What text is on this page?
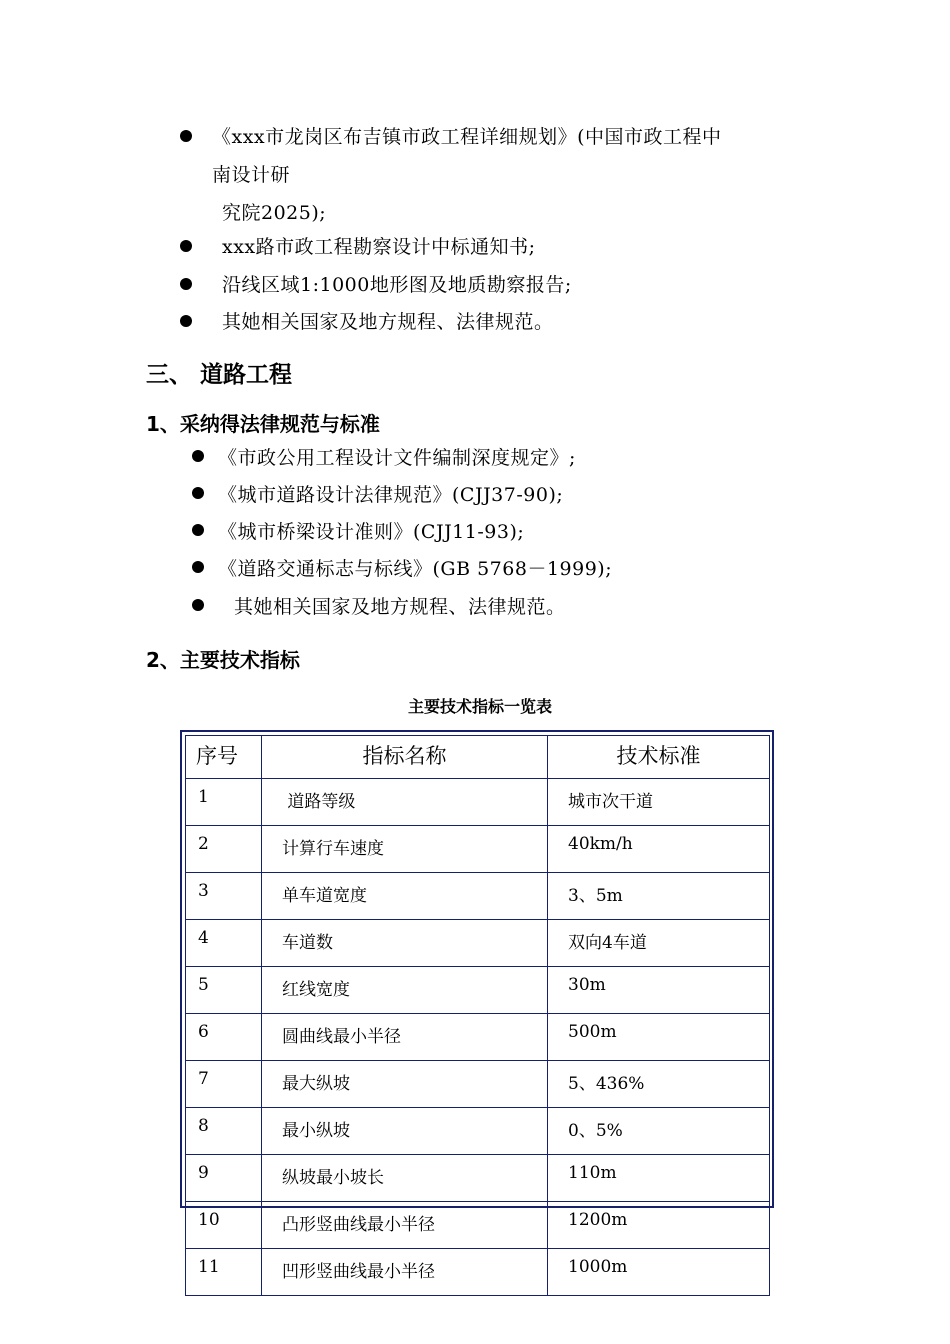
《xxx市龙岗区布吉镇市政工程详细规划》(中国市政工程中
南设计研
究院2025);
xxx路市政工程勘察设计中标通知书;
沿线区域1:1000地形图及地质勘察报告;
其她相关国家及地方规程、法律规范。
三、 道路工程
1、采纳得法律规范与标准
《市政公用工程设计文件编制深度规定》;
《城市道路设计法律规范》(CJJ37-90);
《城市桥梁设计准则》(CJJ11-93);
《道路交通标志与标线》(GB 5768－1999);
其她相关国家及地方规程、法律规范。
2、主要技术指标
主要技术指标一览表
序号	指标名称	技术标准
1	道路等级	城市次干道
2	计算行车速度	40km/h
3	单车道宽度	3、5m
4	车道数	双向4车道
5	红线宽度	30m
6	圆曲线最小半径	500m
7	最大纵坡	5、436%
8	最小纵坡	0、5%
9	纵坡最小坡长	110m
10	凸形竖曲线最小半径	1200m
11	凹形竖曲线最小半径	1000m
